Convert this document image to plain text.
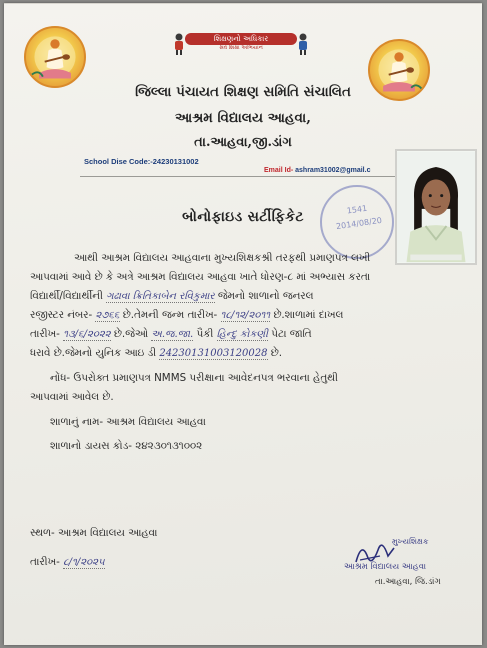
શિક્ષણનો અધિકાર
સર્વ શિક્ષા અભિયાન
જિલ્લા પંચાયત શિક્ષણ સમિતિ સંચાલિત
આશ્રમ વિદ્યાલય આહવા,
તા.આહવા,જી.ડાંગ
School Dise Code:-24230131002
Email Id- ashram31002@gmail.c
1541
2014/08/20
બોનોફાઇડ સર્ટીફિકેટ
આથી આશ્રમ વિદ્યાલય આહવાના મુખ્યશિક્ષકશ્રી તરફથી પ્રમાણપત્ર લખી
આપવામાં આવે છે કે અત્રે આશ્રમ વિદ્યાલય આહવા ખાતે ધોરણ-૮ માં અભ્યાસ કરતા
વિદ્યાર્થી/વિદ્યાર્થીની ગઢાવા ક્રિતિકાબેન રવિકુમાર જેમનો શાળાનો જનરલ
રજીસ્ટર નંબર- ૨૭૬૬ છે.તેમની જન્મ તારીખ- ૧૮/૧૨/૨૦૧૧ છે.શાળામાં દાખલ
તારીખ- ૧૩/૬/૨૦૨૨ છે.જેઓ અ.જ.જા. પૈકી હિન્દુ કોકણી પેટા જાતિ
ધરાવે છે.જેમનો યુનિક આઇ ડી 24230131003120028 છે.
નોંધ- ઉપરોક્ત પ્રમાણપત્ર NMMS પરીક્ષાના આવેદનપત્ર ભરવાના હેતુથી
આપવામાં આવેલ છે.
શાળાનું નામ- આશ્રમ વિદ્યાલય આહવા
શાળાનો ડાયસ કોડ- ૨૪૨૩૦૧૩૧૦૦૨
સ્થળ- આશ્રમ વિદ્યાલય આહવા
તારીખ- ૮/૧/૨૦૨૫
મુખ્યશિક્ષક
આશ્રમ વિદ્યાલય આહવા
તા.આહવા, જિ.ડાંગ
